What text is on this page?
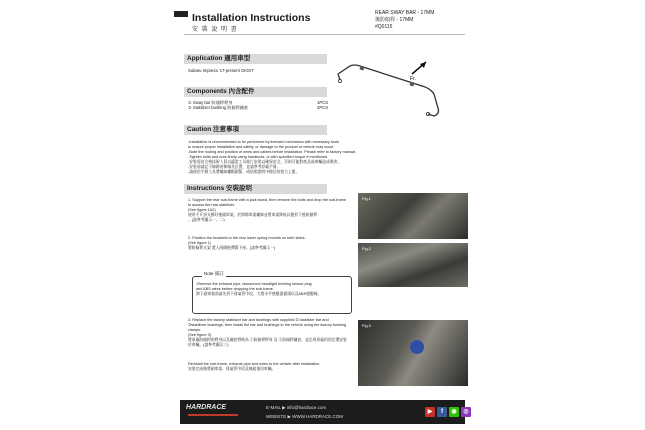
Installation Instructions
安 裝 說 明 書
REAR SWAY BAR - 17MM
後防傾桿 - 17MM
#Q0115
Application 適用車型
Subaru Impreza '17-present GK/GT
Fr.
Components 內含配件
① Sway bar 防傾桿桿身	1PCS
② Stabilizer bushing 防傾桿襯套	2PCS
Caution 注意事項
-Installation is recommended to be performed by licensed mechanics with necessary tools
to ensure proper installation and safety, or damage to the product or vehicle may occur.
-Note the routing and position of wires and cables before installation. Please refer to factory manual.
-Tighten bolts and nuts firmly using handtools, or with specified torque if mentioned.
-安裝需由合格技術人員以適當工具進行安裝以確保安全，否則可能對產品或車輛造成傷害。
-安裝前請記下線路的佈線及位置，並請參考原廠手冊。
-請使用手動工具將螺絲螺帽鎖緊，或依照說明中標註的扭力上緊。
Instructions 安裝說明
1. Support the rear sub-frame with a jack stand, then remove the bolts and drop the sub-frame to access the rear stabilizer.
(See figure 1&2)
使用千斤頂支撐好後副車架，於卸除車架螺絲並將車架降低以便拆下後防傾桿
。(請參考圖示一、二)
2. Position the brackets to the rear lower spring mounts on both sides.
(See figure 1)
將防傾桿支架 置入兩側後彈簧下座。(請參考圖示一)
Note 備註
-Remove the exhaust pipe, disconnect headlight leveling sensor plug
and ABS wires before dropping the sub-frame.
卸下副車架前請先拆下排氣管中段、大燈水平感應器插頭以及ABS感應線。
3. Replace the factory stabilizer bar and bushings with supplied ① stabilizer bar and ②stabilizer bushings, then install the bar and bushings to the vehicle using the factory bushing clamps.
(See figure 3)
將原廠防傾桿的桿身以及襯套替換為 ①防傾桿桿身 及 ②防傾桿襯套，並沿用原廠的固定環安裝於車輛。(請參考圖示三)
Reinstall the sub-frame, exhaust pipe and wires to the vehicle after installation.
安裝完成後將副車架、排氣管中段及線組復回車輛。
Fig.1
Fig.2
Fig.3
HARDRACE	E-MAIL ▶ info@hardrace.com
WEBSITE ▶ WWW.HARDRACE.COM
▶	f	◉	◎
